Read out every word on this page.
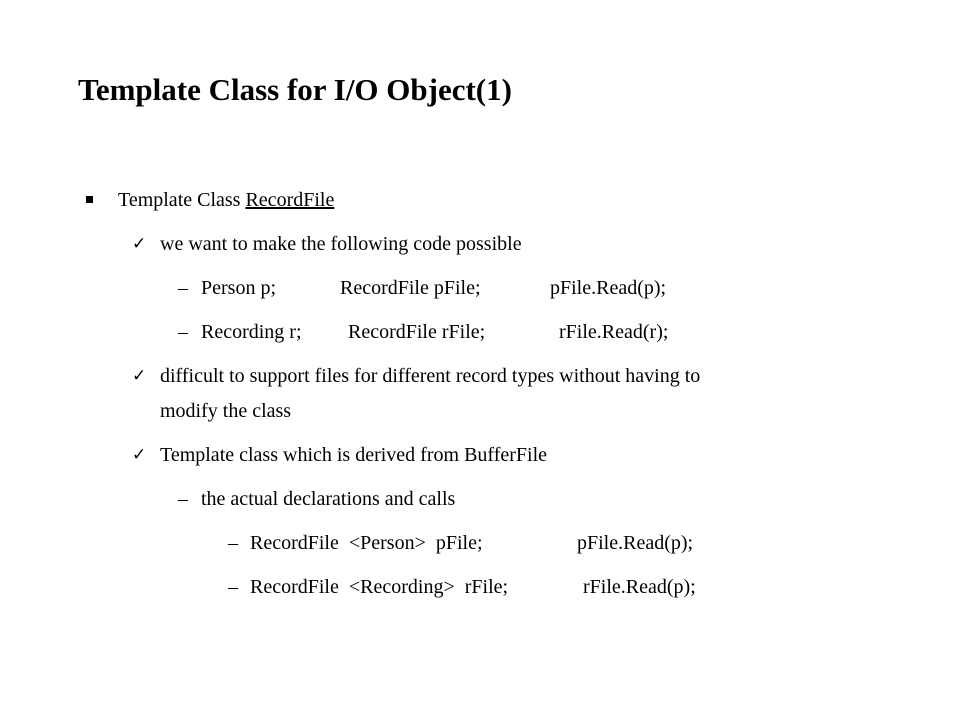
Template Class for I/O Object(1)
Template Class RecordFile
✓ we want to make the following code possible
– Person p;	RecordFile pFile;	pFile.Read(p);
– Recording r; RecordFile rFile;	rFile.Read(r);
✓ difficult to support files for different record types without having to
modify the class
✓ Template class which is derived from BufferFile
– the actual declarations and calls
– RecordFile  <Person>  pFile;	pFile.Read(p);
– RecordFile  <Recording>  rFile;	rFile.Read(p);
